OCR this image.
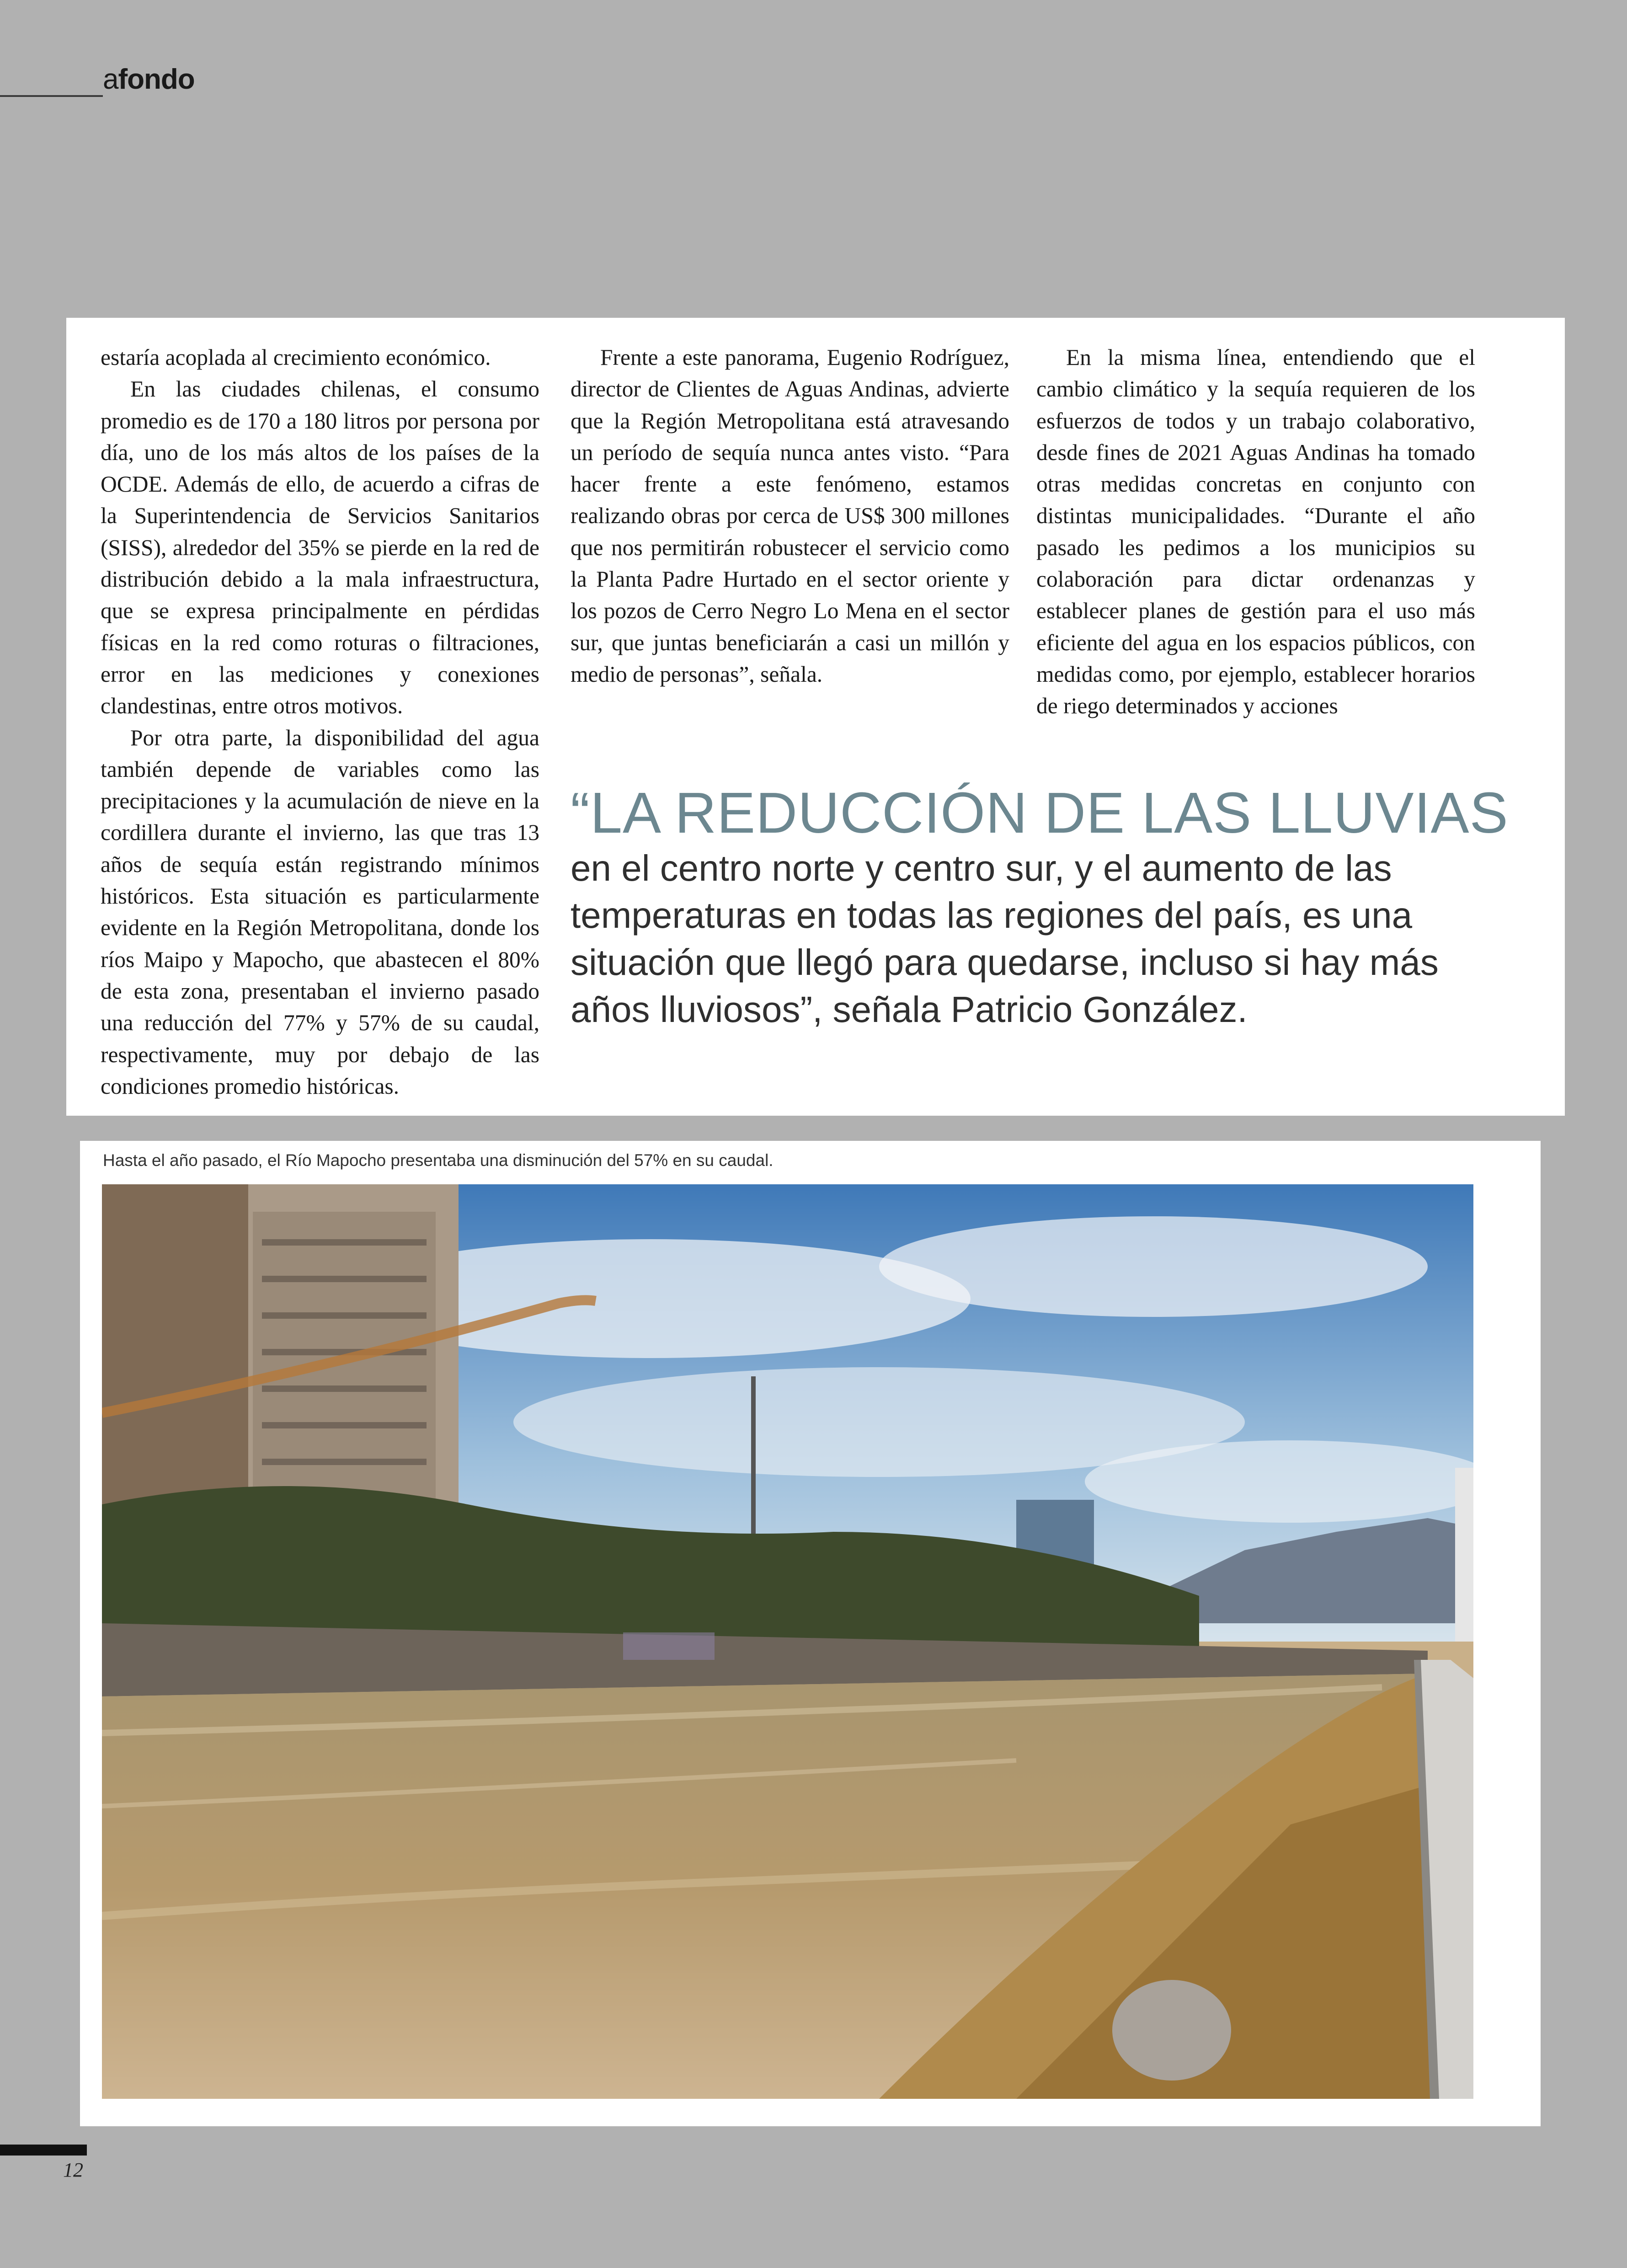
afondo

estaría acoplada al crecimiento económico.

En las ciudades chilenas, el consumo promedio es de 170 a 180 litros por persona por día, uno de los más altos de los países de la OCDE. Además de ello, de acuerdo a cifras de la Superintendencia de Servicios Sanitarios (SISS), alrededor del 35% se pierde en la red de distribución debido a la mala infraestructura, que se expresa principalmente en pérdidas físicas en la red como roturas o filtraciones, error en las mediciones y conexiones clandestinas, entre otros motivos.

Por otra parte, la disponibilidad del agua también depende de variables como las precipitaciones y la acumulación de nieve en la cordillera durante el invierno, las que tras 13 años de sequía están registrando mínimos históricos. Esta situación es particularmente evidente en la Región Metropolitana, donde los ríos Maipo y Mapocho, que abastecen el 80% de esta zona, presentaban el invierno pasado una reducción del 77% y 57% de su caudal, respectivamente, muy por debajo de las condiciones promedio históricas.

Frente a este panorama, Eugenio Rodríguez, director de Clientes de Aguas Andinas, advierte que la Región Metropolitana está atravesando un período de sequía nunca antes visto. “Para hacer frente a este fenómeno, estamos realizando obras por cerca de US$ 300 millones que nos permitirán robustecer el servicio como la Planta Padre Hurtado en el sector oriente y los pozos de Cerro Negro Lo Mena en el sector sur, que juntas beneficiarán a casi un millón y medio de personas”, señala.

En la misma línea, entendiendo que el cambio climático y la sequía requieren de los esfuerzos de todos y un trabajo colaborativo, desde fines de 2021 Aguas Andinas ha tomado otras medidas concretas en conjunto con distintas municipalidades. “Durante el año pasado les pedimos a los municipios su colaboración para dictar ordenanzas y establecer planes de gestión para el uso más eficiente del agua en los espacios públicos, con medidas como, por ejemplo, establecer horarios de riego determinados y acciones

“LA REDUCCIÓN DE LAS LLUVIAS
en el centro norte y centro sur, y el aumento de las temperaturas en todas las regiones del país, es una situación que llegó para quedarse, incluso si hay más años lluviosos”, señala Patricio González.
Hasta el año pasado, el Río Mapocho presentaba una disminución del 57% en su caudal.
12
